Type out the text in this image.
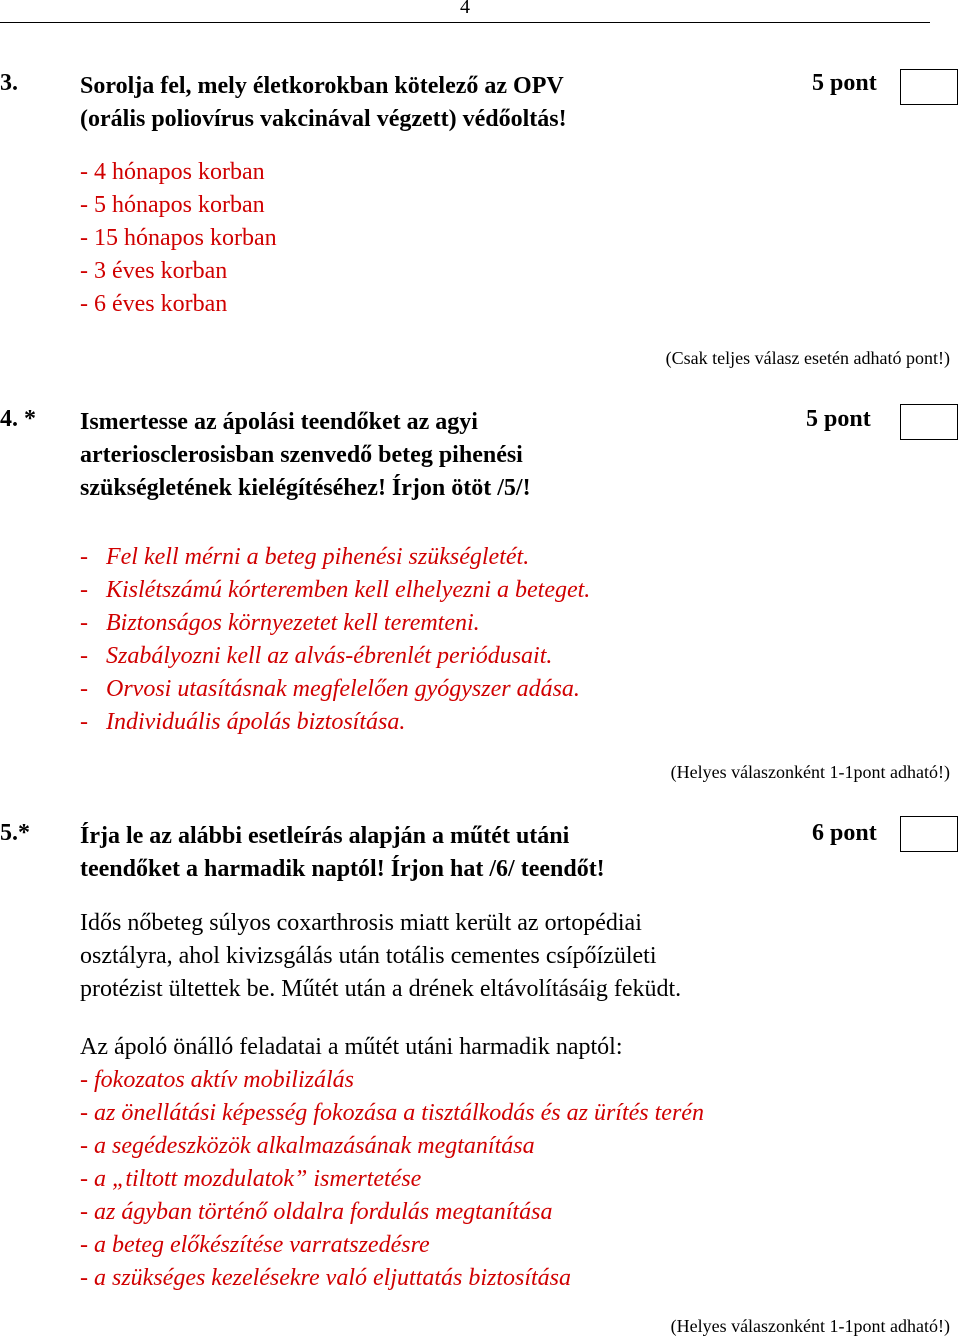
4
3.	Sorolja fel, mely életkorokban kötelező az OPV
(orális poliovírus vakcinával végzett) védőoltás!
5 pont
- 4 hónapos korban
- 5 hónapos korban
- 15 hónapos korban
- 3 éves korban
- 6 éves korban
(Csak teljes válasz esetén adható pont!)
4. * Ismertesse az ápolási teendőket az agyi
arteriosclerosisban szenvedő beteg pihenési
szükségletének kielégítéséhez! Írjon ötöt /5/!
5 pont
-   Fel kell mérni a beteg pihenési szükségletét.
-   Kislétszámú kórteremben kell elhelyezni a beteget.
-   Biztonságos környezetet kell teremteni.
-   Szabályozni kell az alvás-ébrenlét periódusait.
-   Orvosi utasításnak megfelelően gyógyszer adása.
-   Individuális ápolás biztosítása.
(Helyes válaszonként 1-1pont adható!)
5.* Írja le az alábbi esetleírás alapján a műtét utáni
teendőket a harmadik naptól! Írjon hat /6/ teendőt!
6 pont
Idős nőbeteg súlyos coxarthrosis miatt került az ortopédiai
osztályra, ahol kivizsgálás után totális cementes csípőízületi
protézist ültettek be. Műtét után a drének eltávolításáig feküdt.
Az ápoló önálló feladatai a műtét utáni harmadik naptól:
- fokozatos aktív mobilizálás
- az önellátási képesség fokozása a tisztálkodás és az ürítés terén
- a segédeszközök alkalmazásának megtanítása
- a „tiltott mozdulatok” ismertetése
- az ágyban történő oldalra fordulás megtanítása
- a beteg előkészítése varratszedésre
- a szükséges kezelésekre való eljuttatás biztosítása
(Helyes válaszonként 1-1pont adható!)
